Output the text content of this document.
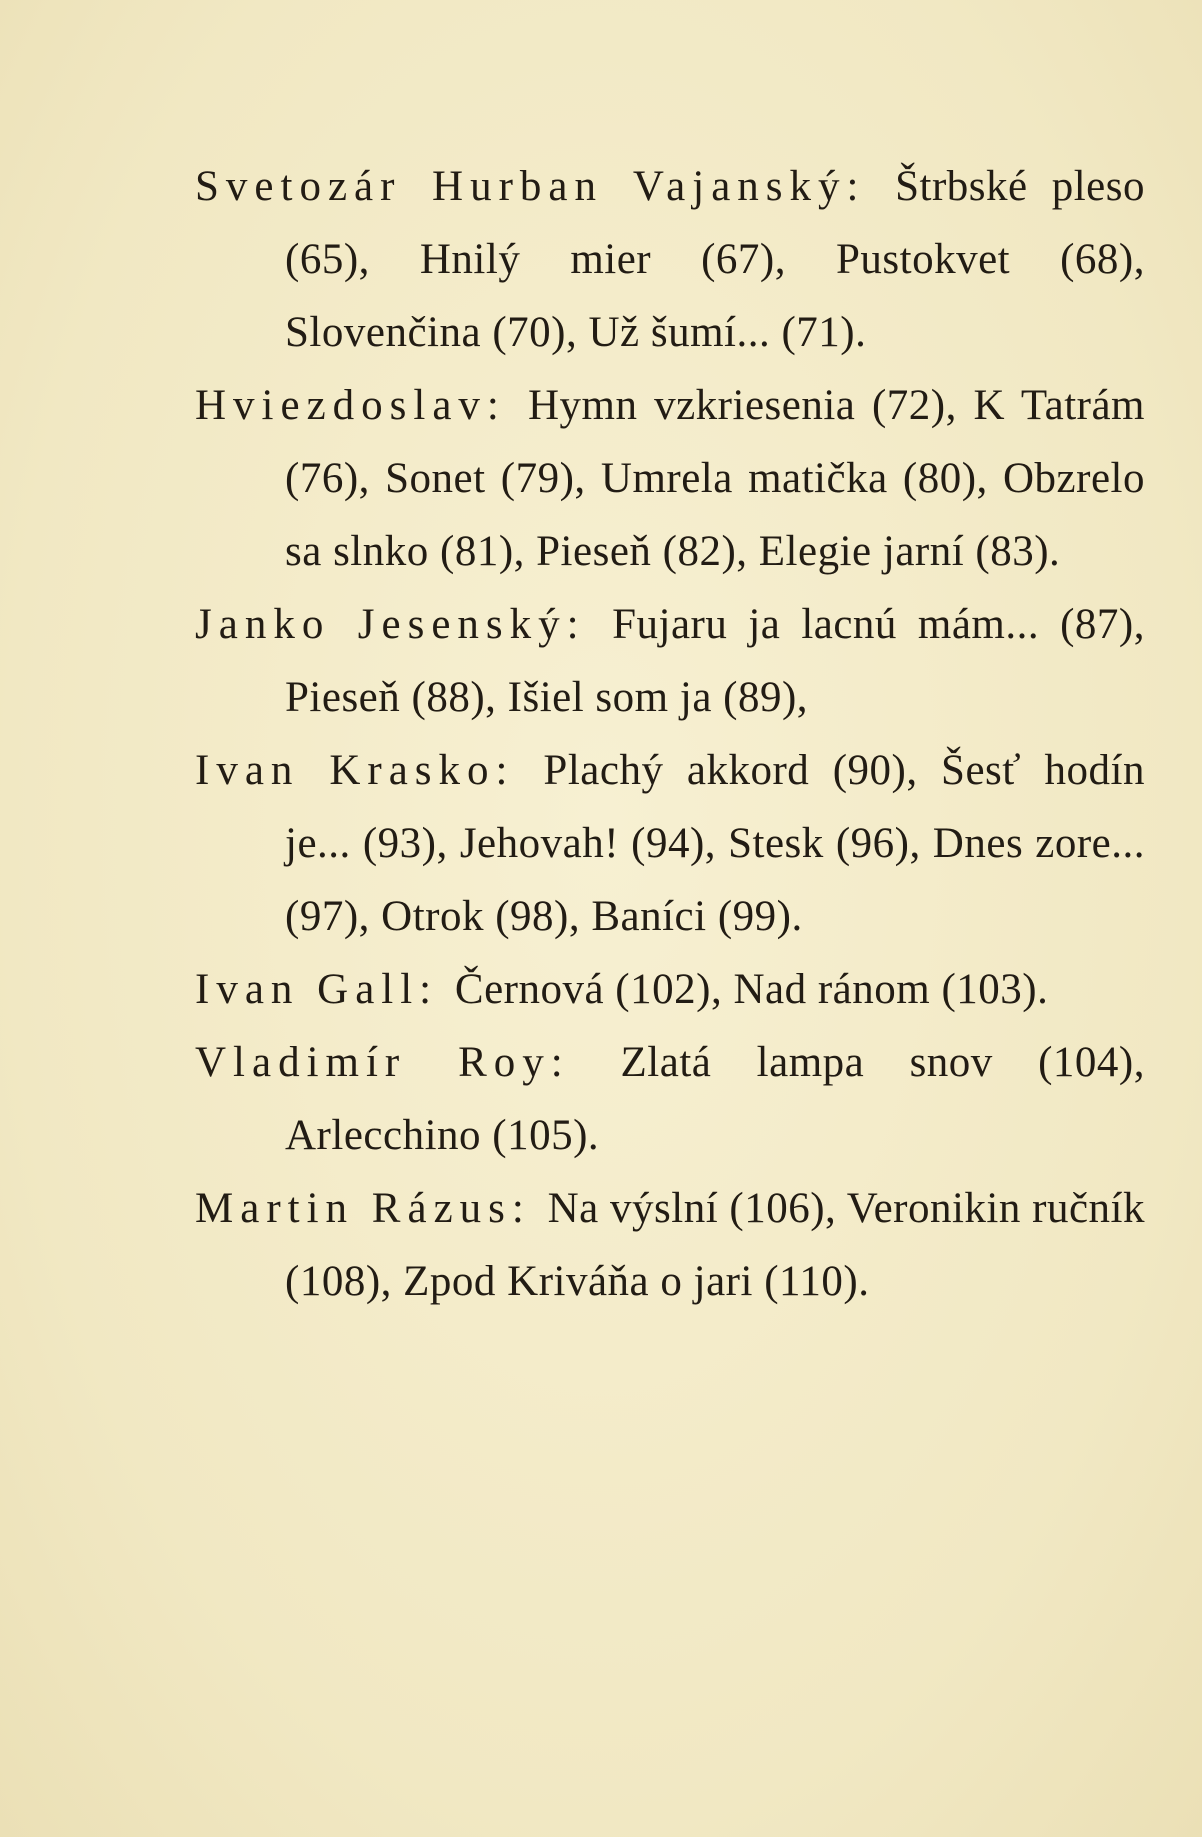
Svetozár Hurban Vajanský: Štrbské pleso (65), Hnilý mier (67), Pustokvet (68), Slovenčina (70), Už šumí... (71).

Hviezdoslav: Hymn vzkriesenia (72), K Tatrám (76), Sonet (79), Umrela matička (80), Obzrelo sa slnko (81), Pieseň (82), Elegie jarní (83).

Janko Jesenský: Fujaru ja lacnú mám... (87), Pieseň (88), Išiel som ja (89),

Ivan Krasko: Plachý akkord (90), Šesť hodín je... (93), Jehovah! (94), Stesk (96), Dnes zore... (97), Otrok (98), Baníci (99).

Ivan Gall: Černová (102), Nad ránom (103).

Vladimír Roy: Zlatá lampa snov (104), Arlecchino (105).

Martin Rázus: Na výslní (106), Veronikin ručník (108), Zpod Kriváňa o jari (110).
